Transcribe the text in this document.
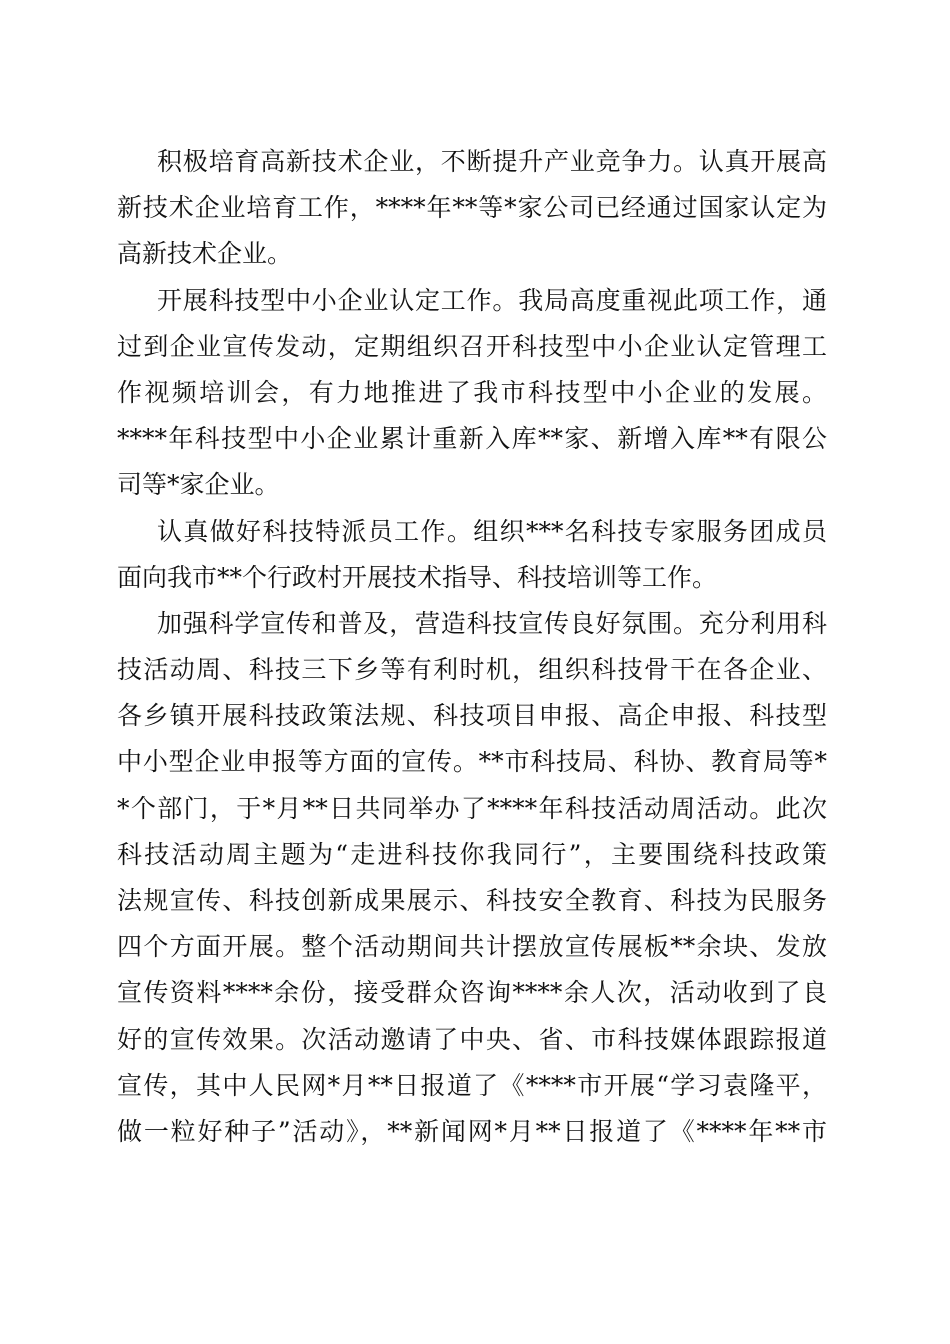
积极培育高新技术企业，不断提升产业竞争力。认真开展高
新技术企业培育工作，****年**等*家公司已经通过国家认定为
高新技术企业。
开展科技型中小企业认定工作。我局高度重视此项工作，通
过到企业宣传发动，定期组织召开科技型中小企业认定管理工
作视频培训会，有力地推进了我市科技型中小企业的发展。
****年科技型中小企业累计重新入库**家、新增入库**有限公
司等*家企业。
认真做好科技特派员工作。组织***名科技专家服务团成员
面向我市**个行政村开展技术指导、科技培训等工作。
加强科学宣传和普及，营造科技宣传良好氛围。充分利用科
技活动周、科技三下乡等有利时机，组织科技骨干在各企业、
各乡镇开展科技政策法规、科技项目申报、高企申报、科技型
中小型企业申报等方面的宣传。**市科技局、科协、教育局等*
*个部门，于*月**日共同举办了****年科技活动周活动。此次
科技活动周主题为“走进科技你我同行”，主要围绕科技政策
法规宣传、科技创新成果展示、科技安全教育、科技为民服务
四个方面开展。整个活动期间共计摆放宣传展板**余块、发放
宣传资料****余份，接受群众咨询****余人次，活动收到了良
好的宣传效果。次活动邀请了中央、省、市科技媒体跟踪报道
宣传，其中人民网*月**日报道了《****市开展“学习袁隆平，
做一粒好种子”活动》，**新闻网*月**日报道了《****年**市
